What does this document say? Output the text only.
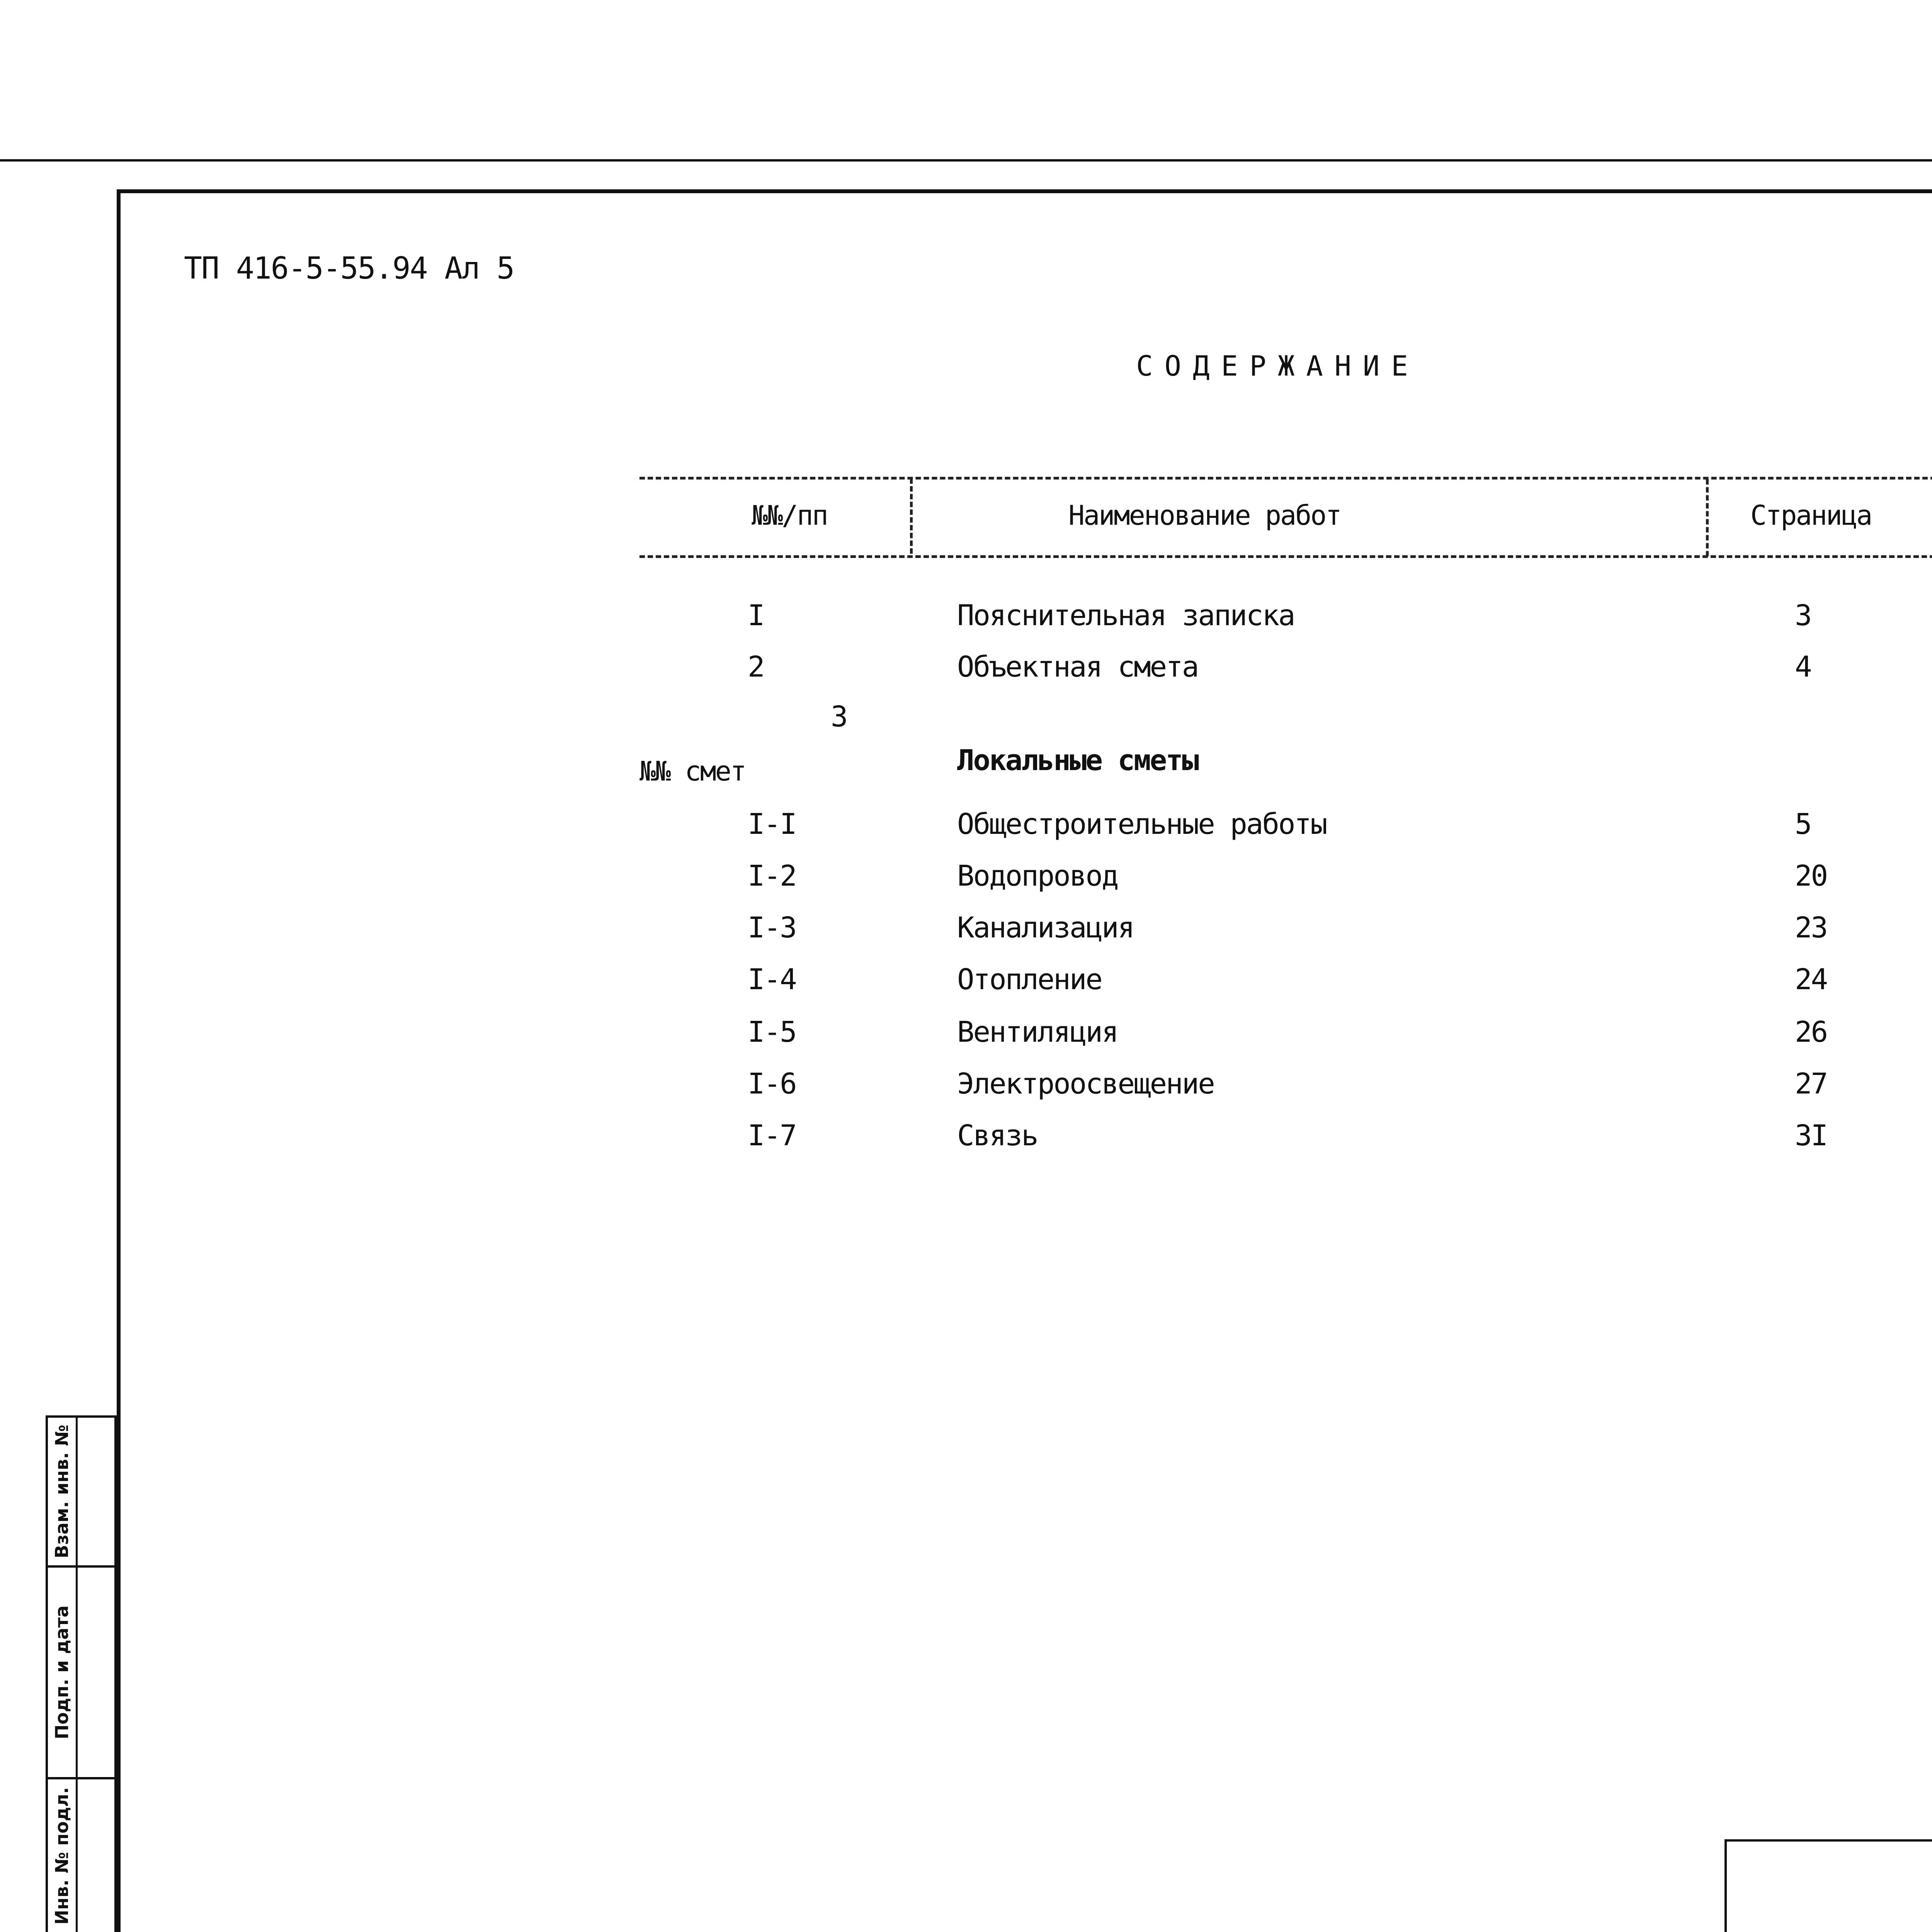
Взам. инв. №
Подп. и дата
Инв. № подл.
ТП 416-5-55.94 Ал 5
СОДЕРЖАНИЕ
№№/пп	Наименование работ	Страница
I	Пояснительная записка	3
2	Объектная смета	4
3
№№ смет	Локальные сметы
I-I	Общестроительные работы	5
I-2	Водопровод	20
I-3	Канализация	23
I-4	Отопление	24
I-5	Вентиляция	26
I-6	Электроосвещение	27
I-7	Связь	3I
